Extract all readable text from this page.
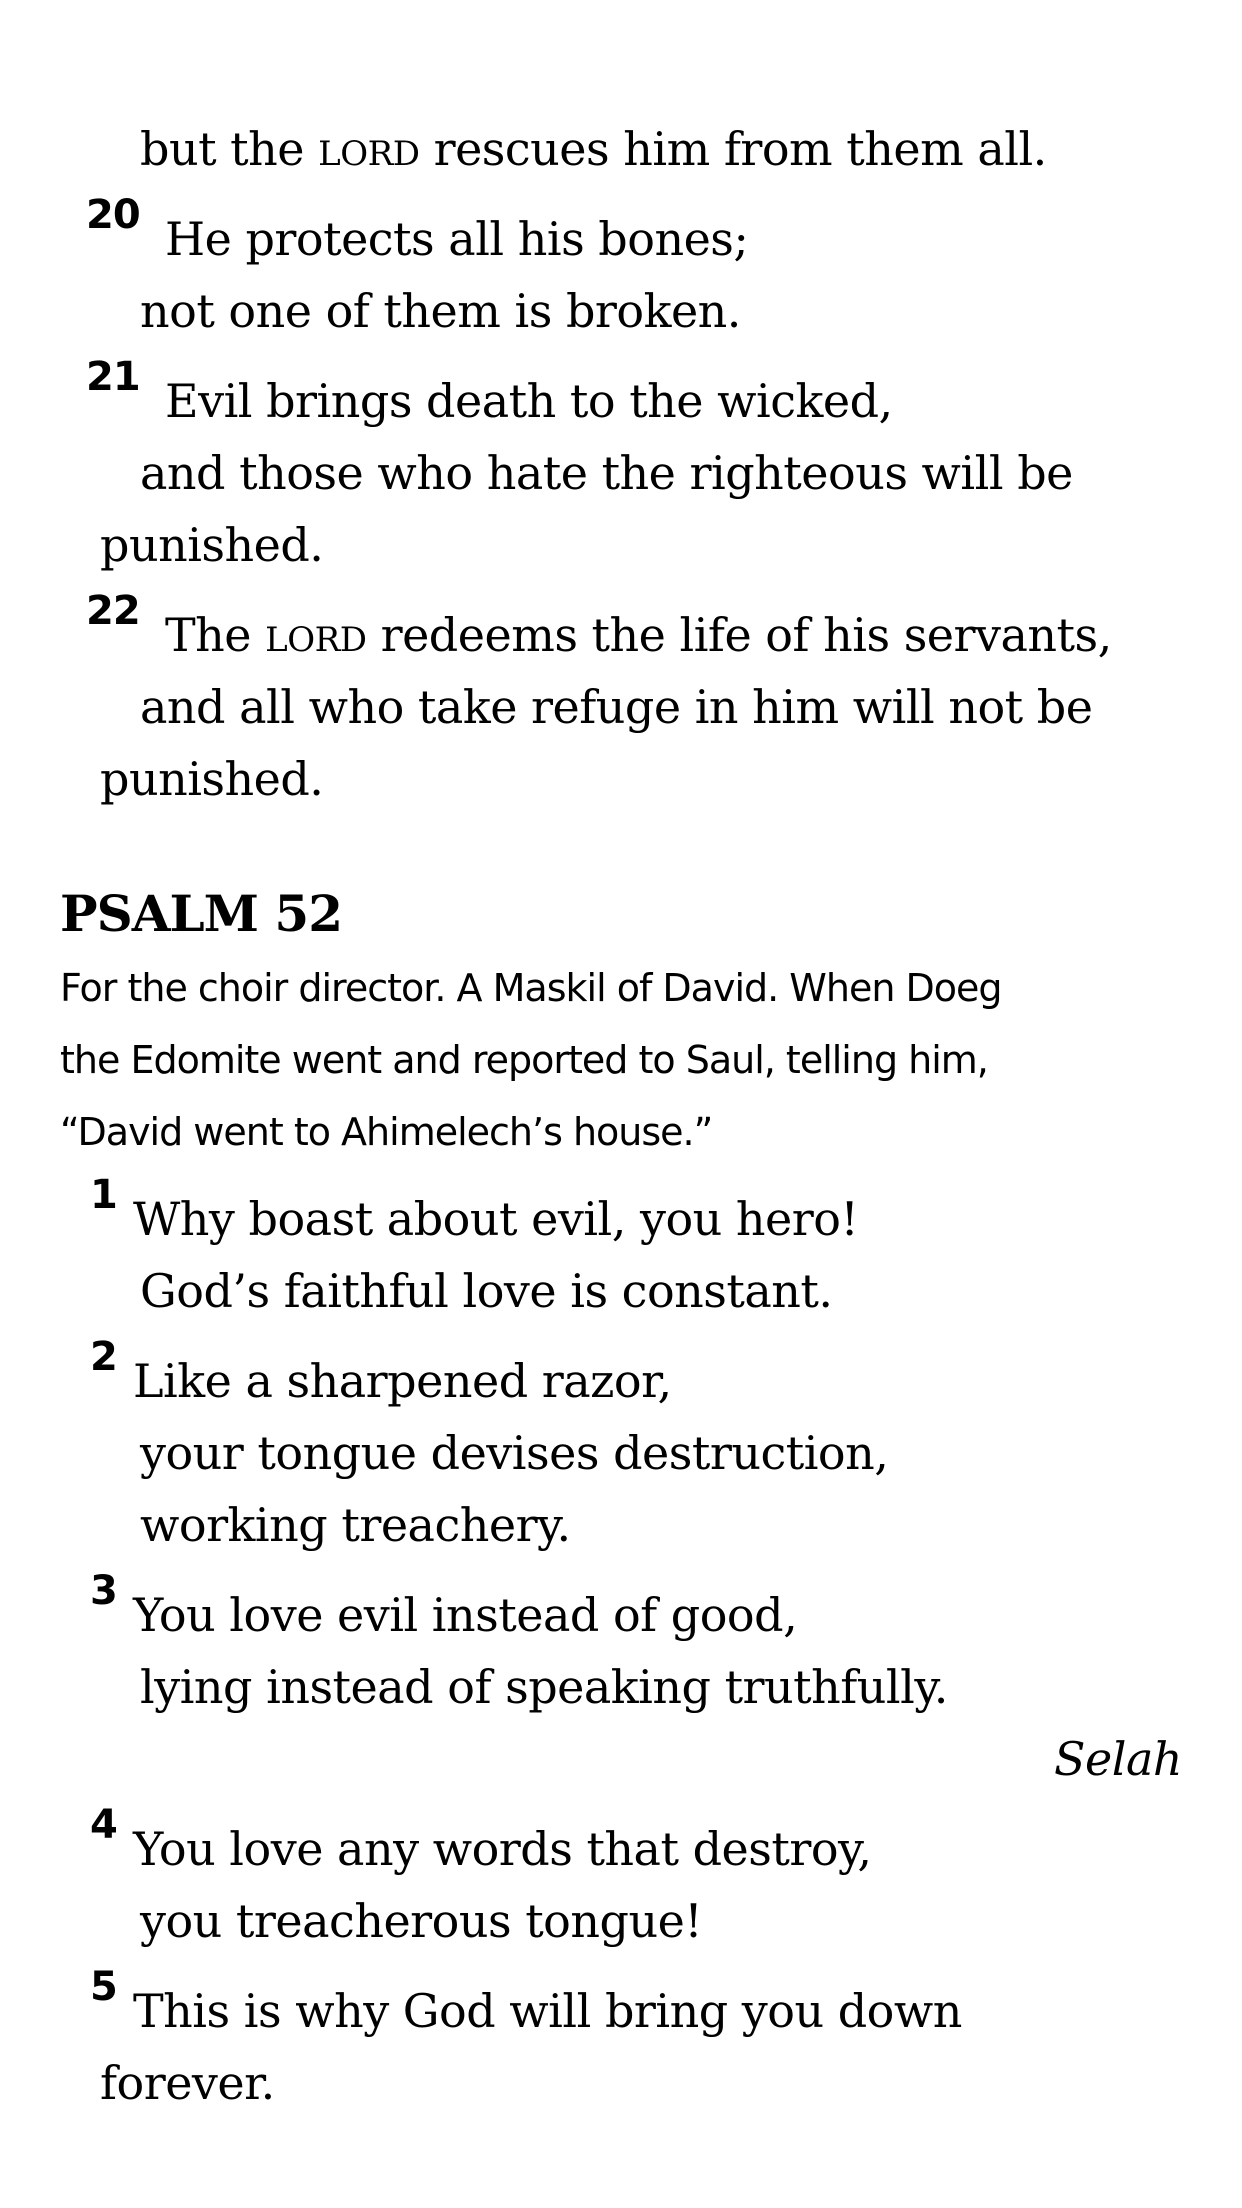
but the LORD rescues him from them all.
20 He protects all his bones;
not one of them is broken.
21 Evil brings death to the wicked,
and those who hate the righteous will be
punished.
22 The LORD redeems the life of his servants,
and all who take refuge in him will not be
punished.
PSALM 52
For the choir director. A Maskil of David. When Doeg
the Edomite went and reported to Saul, telling him,
“David went to Ahimelech’s house.”
1 Why boast about evil, you hero!
God’s faithful love is constant.
2 Like a sharpened razor,
your tongue devises destruction,
working treachery.
3 You love evil instead of good,
lying instead of speaking truthfully.
Selah
4 You love any words that destroy,
you treacherous tongue!
5 This is why God will bring you down
forever.
